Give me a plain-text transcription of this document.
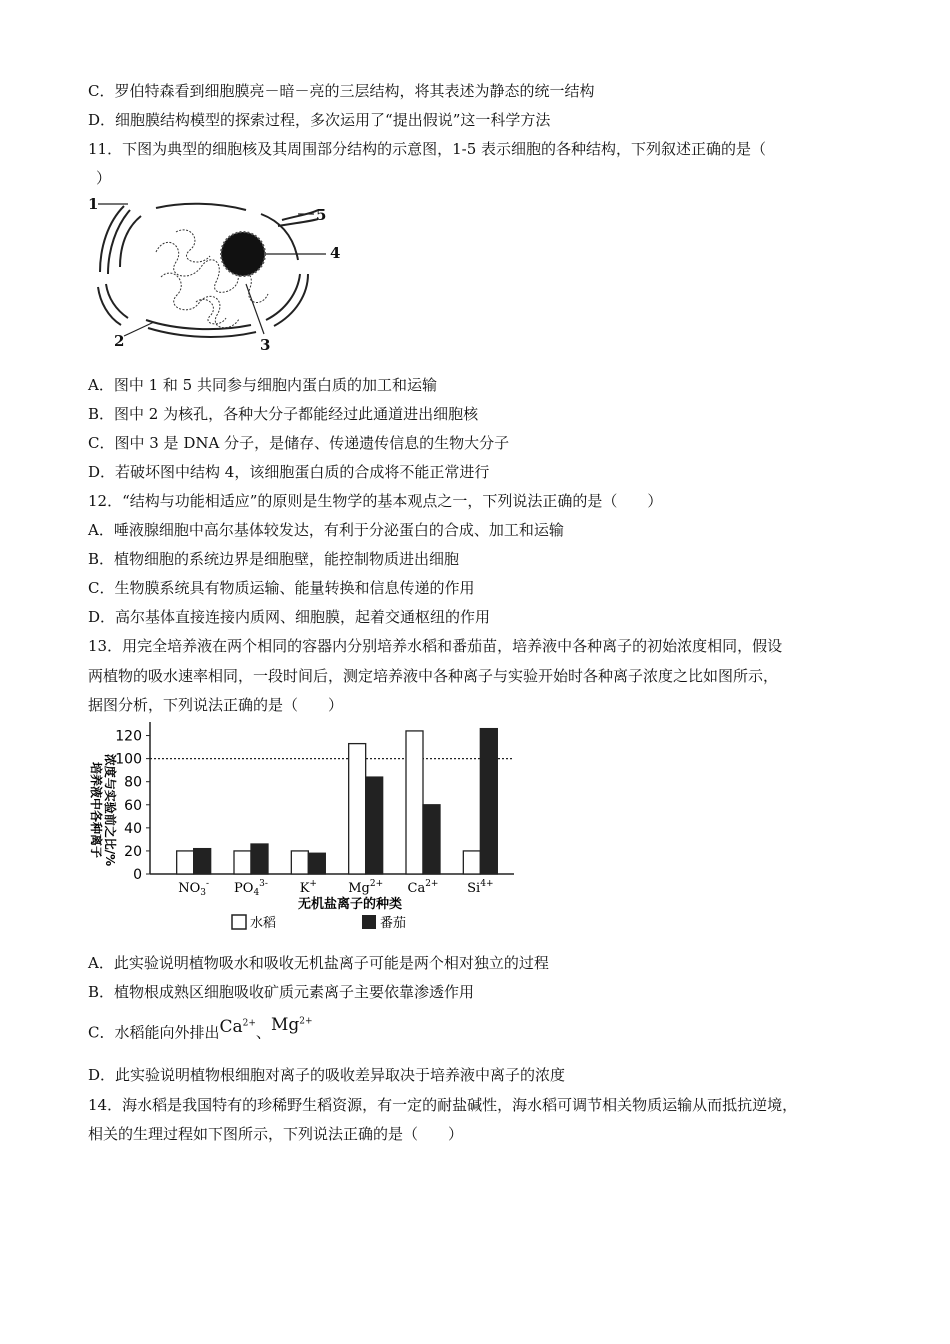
C．罗伯特森看到细胞膜亮－暗－亮的三层结构，将其表述为静态的统一结构
D．细胞膜结构模型的探索过程，多次运用了“提出假说”这一科学方法
11．下图为典型的细胞核及其周围部分结构的示意图，1-5 表示细胞的各种结构，下列叙述正确的是（
）
1
2	3
4
5
A．图中 1 和 5 共同参与细胞内蛋白质的加工和运输
B．图中 2 为核孔，各种大分子都能经过此通道进出细胞核
C．图中 3 是 DNA 分子，是储存、传递遗传信息的生物大分子
D．若破坏图中结构 4，该细胞蛋白质的合成将不能正常进行
12．“结构与功能相适应”的原则是生物学的基本观点之一，下列说法正确的是（　　）
A．唾液腺细胞中高尔基体较发达，有利于分泌蛋白的合成、加工和运输
B．植物细胞的系统边界是细胞壁，能控制物质进出细胞
C．生物膜系统具有物质运输、能量转换和信息传递的作用
D．高尔基体直接连接内质网、细胞膜，起着交通枢纽的作用
13．用完全培养液在两个相同的容器内分别培养水稻和番茄苗，培养液中各种离子的初始浓度相同，假设
两植物的吸水速率相同，一段时间后，测定培养液中各种离子与实验开始时各种离子浓度之比如图所示，
据图分析，下列说法正确的是（　　）
培养液中各种离子 浓度与实验前之比/%
0
20
40
60
80
100
120
$NO_3^-$ $PO_4^{3-}$ K+ $Mg^{2+}$ $Ca^{2+}$ $Si^{4+}$
无机盐离子的种类
水稻	番茄
A．此实验说明植物吸水和吸收无机盐离子可能是两个相对独立的过程
B．植物根成熟区细胞吸收矿质元素离子主要依靠渗透作用
C．水稻能向外排出$Ca^{2+}$、$Mg^{2+}$
D．此实验说明植物根细胞对离子的吸收差异取决于培养液中离子的浓度
14．海水稻是我国特有的珍稀野生稻资源，有一定的耐盐碱性，海水稻可调节相关物质运输从而抵抗逆境，
相关的生理过程如下图所示，下列说法正确的是（　　）
